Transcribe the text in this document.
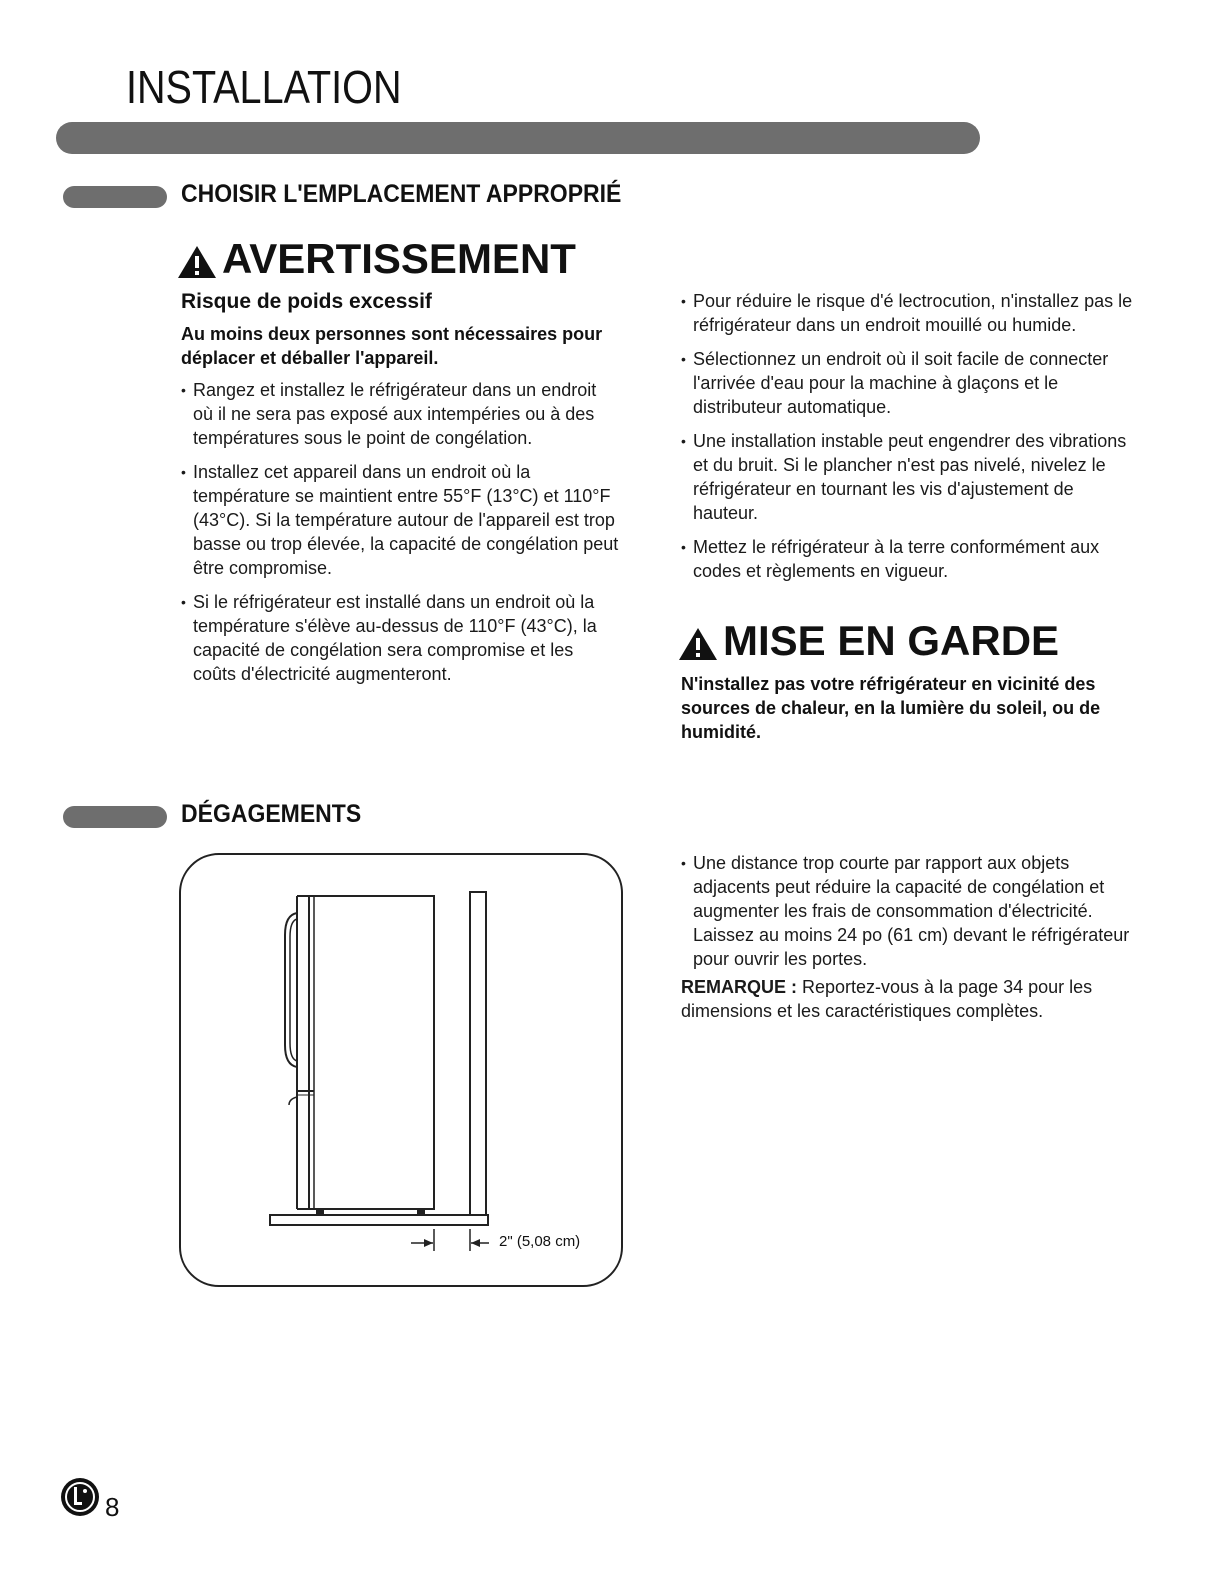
INSTALLATION
CHOISIR L'EMPLACEMENT APPROPRIÉ
AVERTISSEMENT
Risque de poids excessif
Au moins deux personnes sont nécessaires pour déplacer et déballer l'appareil.
• Rangez et installez le réfrigérateur dans un endroit où il ne sera pas exposé aux intempéries ou à des températures sous le point de congélation.
• Installez cet appareil dans un endroit où la température se maintient entre 55°F (13°C) et 110°F (43°C). Si la température autour de l'appareil est trop basse ou trop élevée, la capacité de congélation peut être compromise.
• Si le réfrigérateur est installé dans un endroit où la température s'élève au-dessus de 110°F (43°C), la capacité de congélation sera compromise et les coûts d'électricité augmenteront.
• Pour réduire le risque d'é lectrocution, n'installez pas le réfrigérateur dans un endroit mouillé ou humide.
• Sélectionnez un endroit où il soit facile de connecter l'arrivée d'eau pour la machine à glaçons et le distributeur automatique.
• Une installation instable peut engendrer des vibrations et du bruit. Si le plancher n'est pas nivelé, nivelez le réfrigérateur en tournant les vis d'ajustement de hauteur.
• Mettez le réfrigérateur à la terre conformément aux codes et règlements en vigueur.
MISE EN GARDE
N'installez pas votre réfrigérateur en vicinité des sources de chaleur, en la lumière du soleil, ou de humidité.
DÉGAGEMENTS
2" (5,08 cm)
• Une distance trop courte par rapport aux objets adjacents peut réduire la capacité de congélation et augmenter les frais de consommation d'électricité.
Laissez au moins 24 po (61 cm) devant le réfrigérateur pour ouvrir les portes.
REMARQUE : Reportez-vous à la page 34 pour les dimensions et les caractéristiques complètes.
8
